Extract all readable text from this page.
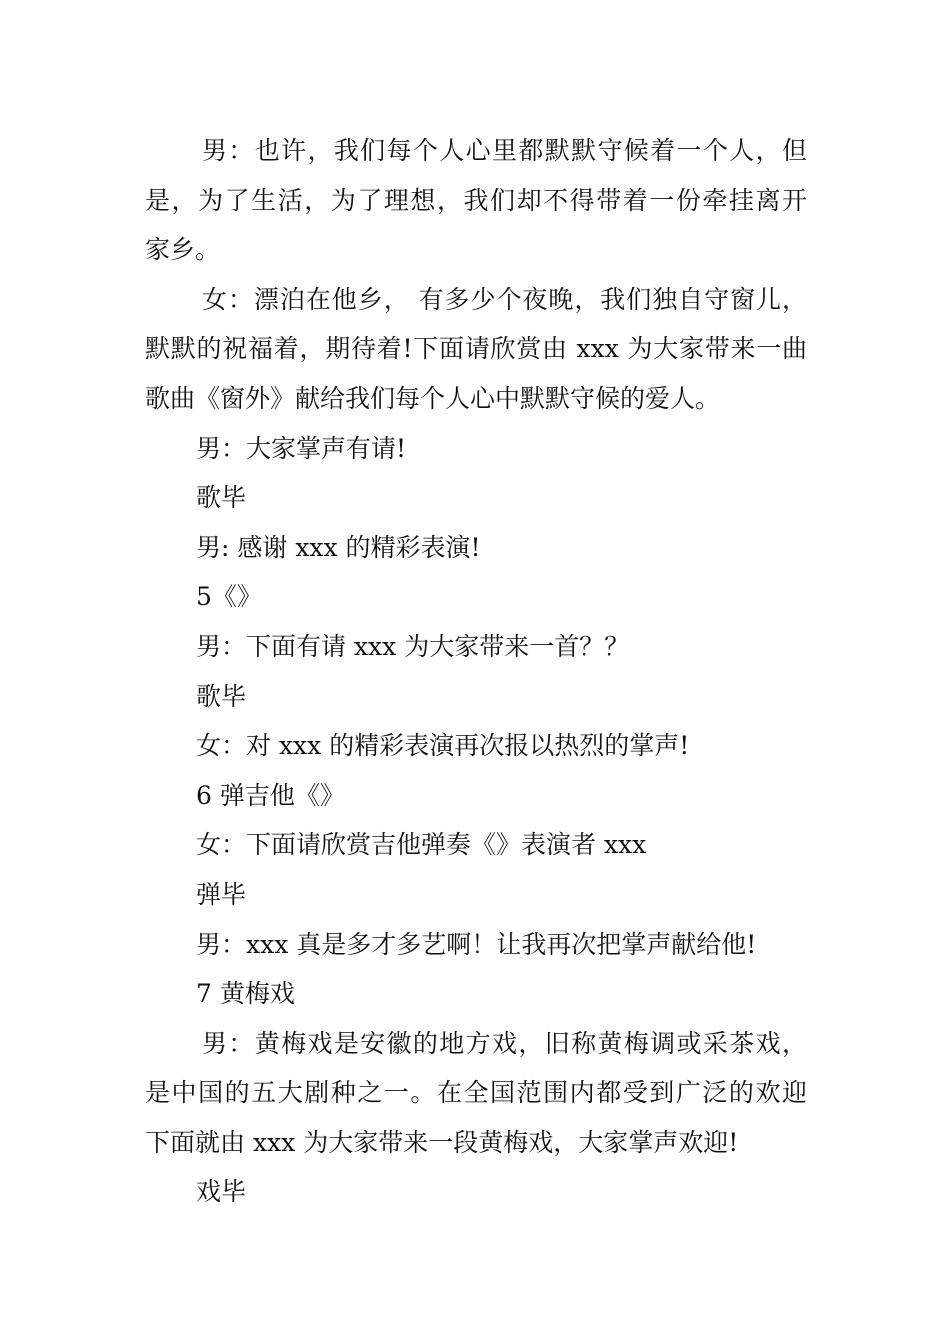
男：也许，我们每个人心里都默默守候着一个人，但
是，为了生活，为了理想，我们却不得带着一份牵挂离开
家乡。
女：漂泊在他乡， 有多少个夜晚，我们独自守窗儿，
默默的祝福着，期待着!下面请欣赏由 xxx 为大家带来一曲
歌曲《窗外》献给我们每个人心中默默守候的爱人。
男：大家掌声有请!
歌毕
男: 感谢 xxx 的精彩表演!
5《》
男：下面有请 xxx 为大家带来一首？？
歌毕
女：对 xxx 的精彩表演再次报以热烈的掌声!
6 弹吉他《》
女：下面请欣赏吉他弹奏《》表演者 xxx
弹毕
男：xxx 真是多才多艺啊！让我再次把掌声献给他!
7 黄梅戏
男：黄梅戏是安徽的地方戏，旧称黄梅调或采茶戏，
是中国的五大剧种之一。在全国范围内都受到广泛的欢迎
下面就由 xxx 为大家带来一段黄梅戏，大家掌声欢迎!
戏毕
